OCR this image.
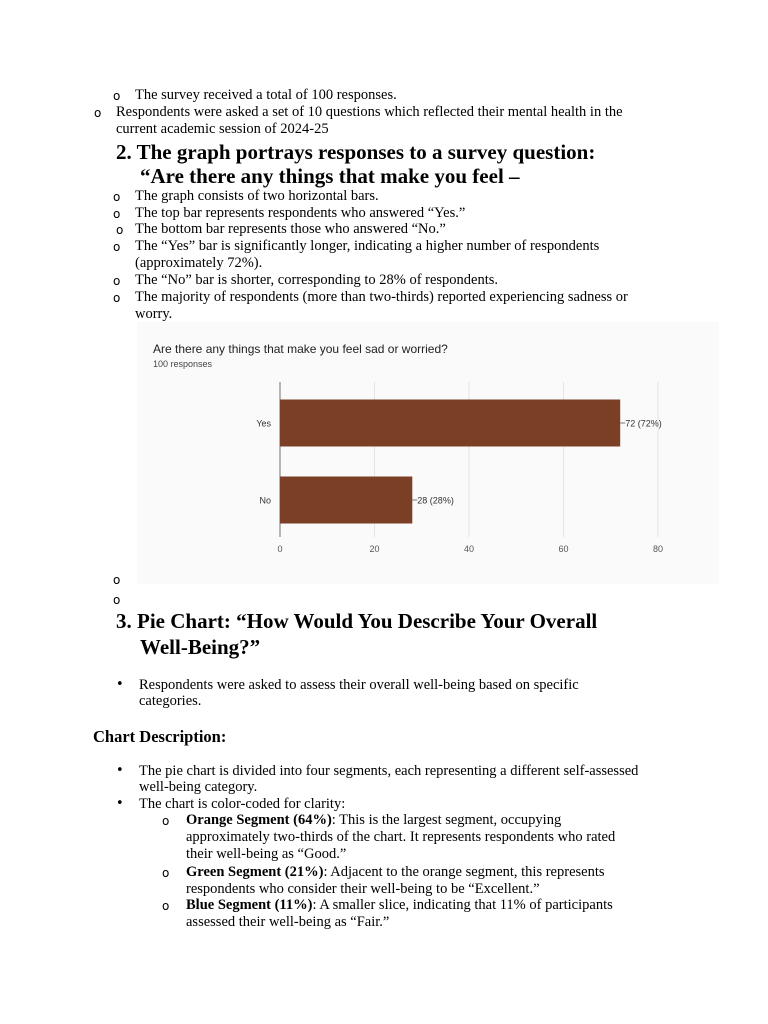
o The survey received a total of 100 responses.
o Respondents were asked a set of 10 questions which reflected their mental health in the
current academic session of 2024-25
2. The graph portrays responses to a survey question:
“Are there any things that make you feel –
o The graph consists of two horizontal bars.
o The top bar represents respondents who answered “Yes.”
o The bottom bar represents those who answered “No.”
o The “Yes” bar is significantly longer, indicating a higher number of respondents
(approximately 72%).
o The “No” bar is shorter, corresponding to 28% of respondents.
o The majority of respondents (more than two-thirds) reported experiencing sadness or
worry.
Are there any things that make you feel sad or worried?
100 responses
0	20	40	60	80
Yes	72 (72%)
No	28 (28%)
o
o
3. Pie Chart: “How Would You Describe Your Overall
Well-Being?”
• Respondents were asked to assess their overall well-being based on specific
categories.
Chart Description:
• The pie chart is divided into four segments, each representing a different self-assessed
well-being category.
• The chart is color-coded for clarity:
o Orange Segment (64%): This is the largest segment, occupying
approximately two-thirds of the chart. It represents respondents who rated
their well-being as “Good.”
o Green Segment (21%): Adjacent to the orange segment, this represents
respondents who consider their well-being to be “Excellent.”
o Blue Segment (11%): A smaller slice, indicating that 11% of participants
assessed their well-being as “Fair.”
